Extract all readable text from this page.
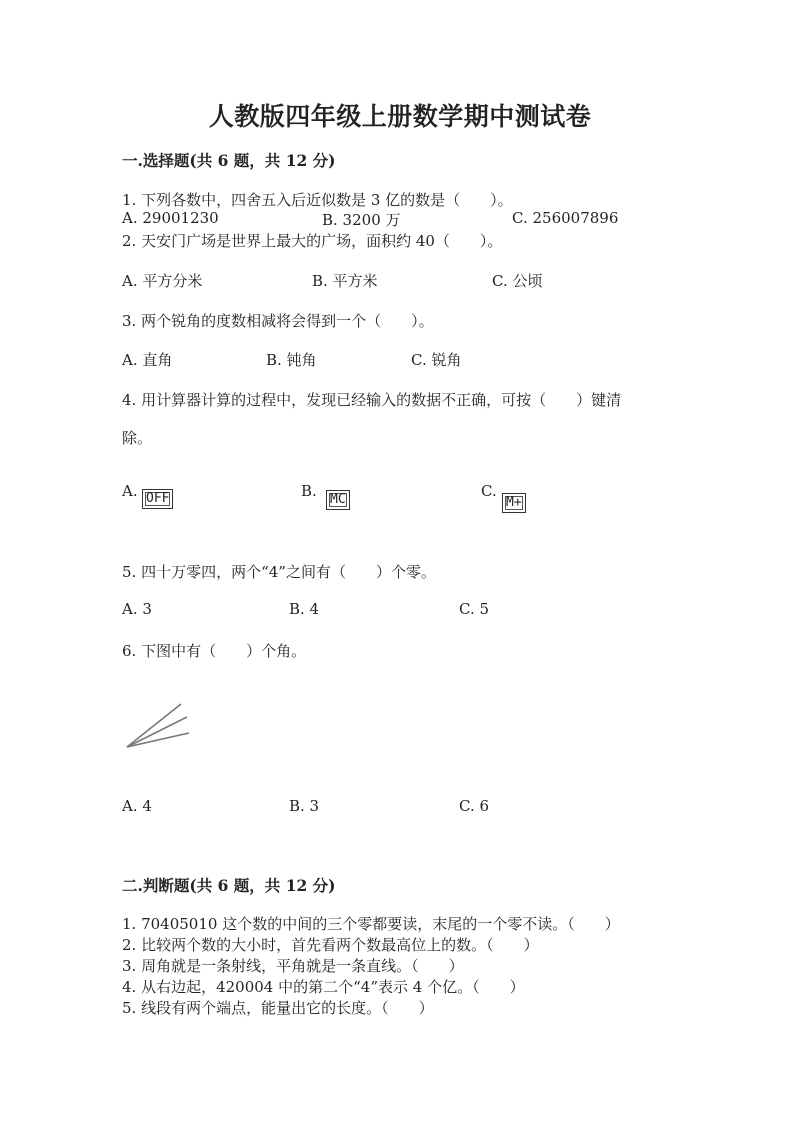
人教版四年级上册数学期中测试卷
一.选择题(共 6 题，共 12 分)
1. 下列各数中，四舍五入后近似数是 3 亿的数是（　　）。
A. 29001230	B. 3200 万	C. 256007896
2. 天安门广场是世界上最大的广场，面积约 40（　　）。
A. 平方分米	B. 平方米	C. 公顷
3. 两个锐角的度数相减将会得到一个（　　）。
A. 直角	B. 钝角	C. 锐角
4. 用计算器计算的过程中，发现已经输入的数据不正确，可按（　　）键清
除。
A. OFF	B.	MC	C.
M+
5. 四十万零四，两个“4”之间有（　　）个零。
A. 3	B. 4	C. 5
6. 下图中有（　　）个角。
A. 4	B. 3	C. 6
二.判断题(共 6 题，共 12 分)
1. 70405010 这个数的中间的三个零都要读，末尾的一个零不读。（　　）
2. 比较两个数的大小时，首先看两个数最高位上的数。（　　）
3. 周角就是一条射线，平角就是一条直线。（　　）
4. 从右边起，420004 中的第二个“4”表示 4 个亿。（　　）
5. 线段有两个端点，能量出它的长度。（　　）
